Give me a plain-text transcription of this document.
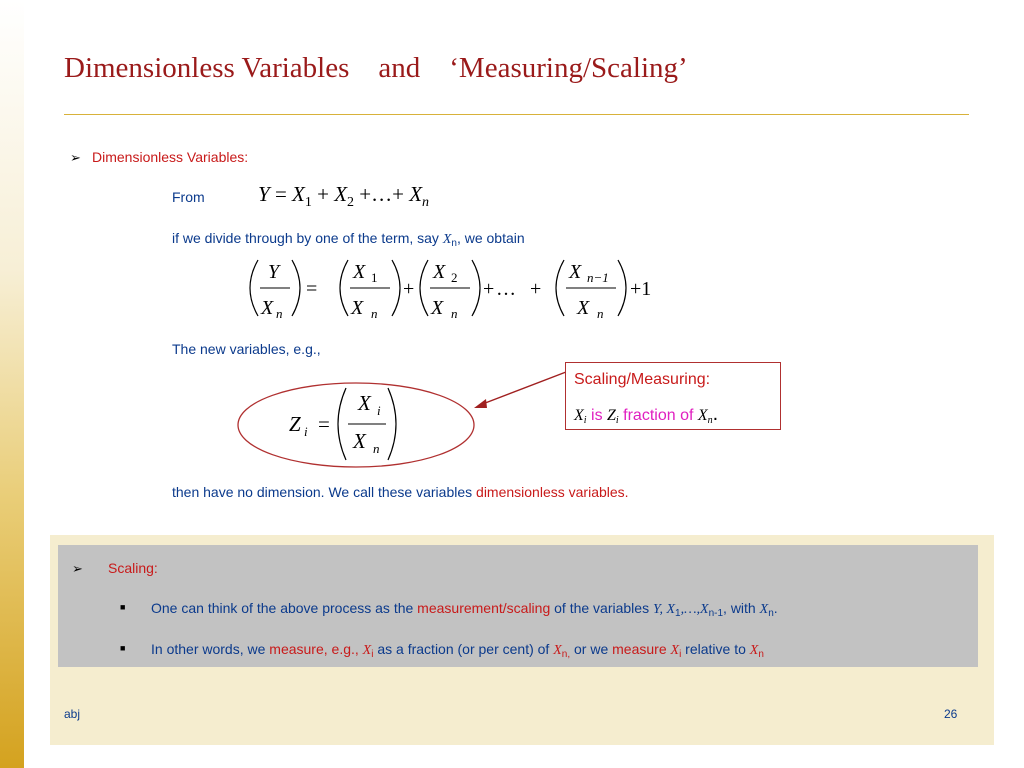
Dimensionless Variables    and    ‘Measuring/Scaling’
➢ Dimensionless Variables:
From	$Y = X_1 + X_2$ +…+ $X_n$
if we divide through by one of the term, say $X_n$, we obtain
Y
X n
=
X 1
X n
+
X 2
X n
+ … +
X n−1
X n
+1
The new variables, e.g.,
Z i =
X i
X n
Scaling/Measuring:
Xi is Zi fraction of Xn.
then have no dimension. We call these variables dimensionless variables.
➢ Scaling:
■ One can think of the above process as the measurement/scaling of the variables Y, $X_1,\dots,X_{n-1}$, with $X_n$.
■ In other words, we measure, e.g., $X_i$ as a fraction (or per cent) of $X_{n,}$ or we measure $X_i$ relative to $X_n$
abj	26
